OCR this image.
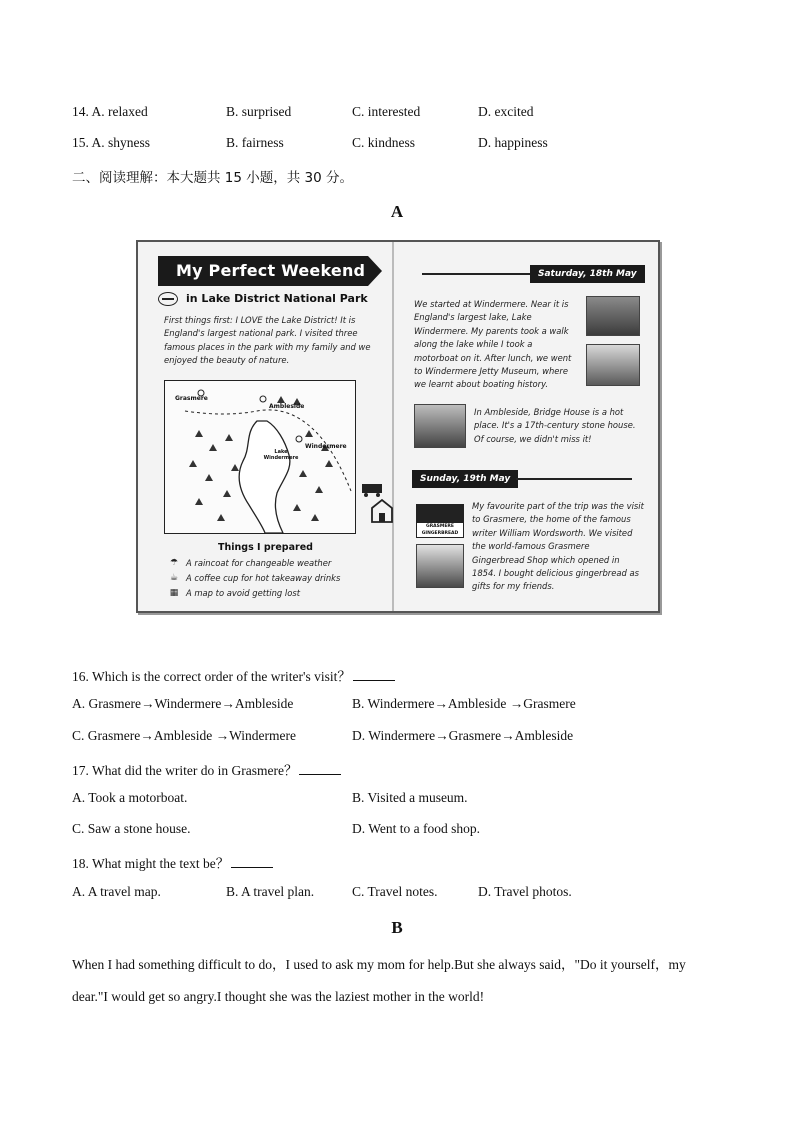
14. A. relaxed	B. surprised	C. interested	D. excited
15. A. shyness	B. fairness	C. kindness	D. happiness
二、阅读理解：本大题共 15 小题，共 30 分。
A
My Perfect Weekend
in Lake District National Park
First things first: I LOVE the Lake District! It is England's largest national park. I visited three famous places in the park with my family and we enjoyed the beauty of nature.
Grasmere
Ambleside
Windermere
Lake Windermere
Things I prepared
☂ A raincoat for changeable weather
☕ A coffee cup for hot takeaway drinks
▦ A map to avoid getting lost
Saturday, 18th May
We started at Windermere. Near it is England's largest lake, Lake Windermere. My parents took a walk along the lake while I took a motorboat on it. After lunch, we went to Windermere Jetty Museum, where we learnt about boating history.
In Ambleside, Bridge House is a hot place. It's a 17th-century stone house. Of course, we didn't miss it!
Sunday, 19th May
GRASMERE GINGERBREAD
My favourite part of the trip was the visit to Grasmere, the home of the famous writer William Wordsworth. We visited the world-famous Grasmere Gingerbread Shop which opened in 1854. I bought delicious gingerbread as gifts for my friends.
16. Which is the correct order of the writer's visit？
A. Grasmere→Windermere→Ambleside	B. Windermere→Ambleside →Grasmere
C. Grasmere→Ambleside →Windermere	D. Windermere→Grasmere→Ambleside
17. What did the writer do in Grasmere？
A. Took a motorboat.	B. Visited a museum.
C. Saw a stone house.	D. Went to a food shop.
18. What might the text be？
A. A travel map.	B. A travel plan.	C. Travel notes.	D. Travel photos.
B
When I had something difficult to do，I used to ask my mom for help.But she always said，"Do it yourself，my dear."I would get so angry.I thought she was the laziest mother in the world!
